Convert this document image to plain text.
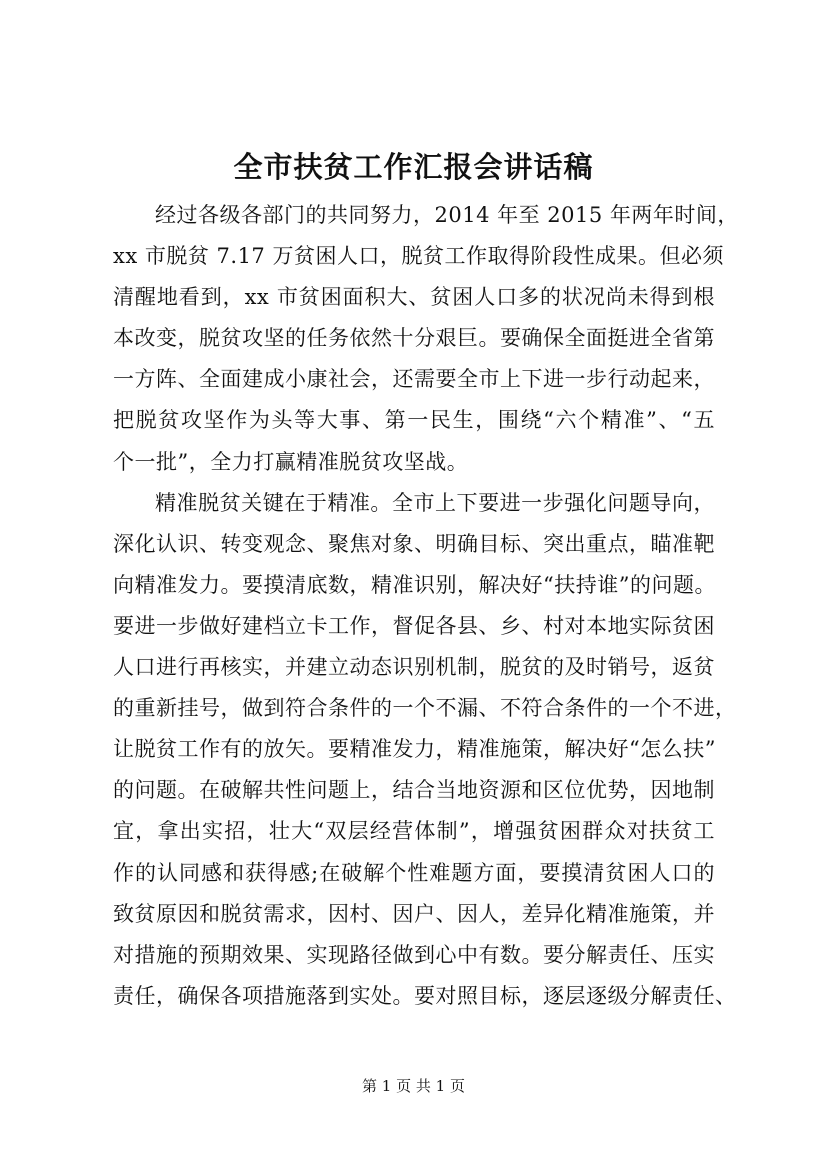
全市扶贫工作汇报会讲话稿
经过各级各部门的共同努力，2014 年至 2015 年两年时间，
xx 市脱贫 7.17 万贫困人口，脱贫工作取得阶段性成果。但必须
清醒地看到，xx 市贫困面积大、贫困人口多的状况尚未得到根
本改变，脱贫攻坚的任务依然十分艰巨。要确保全面挺进全省第
一方阵、全面建成小康社会，还需要全市上下进一步行动起来，
把脱贫攻坚作为头等大事、第一民生，围绕“六个精准”、“五
个一批”，全力打赢精准脱贫攻坚战。
精准脱贫关键在于精准。全市上下要进一步强化问题导向，
深化认识、转变观念、聚焦对象、明确目标、突出重点，瞄准靶
向精准发力。要摸清底数，精准识别，解决好“扶持谁”的问题。
要进一步做好建档立卡工作，督促各县、乡、村对本地实际贫困
人口进行再核实，并建立动态识别机制，脱贫的及时销号，返贫
的重新挂号，做到符合条件的一个不漏、不符合条件的一个不进，
让脱贫工作有的放矢。要精准发力，精准施策，解决好“怎么扶”
的问题。在破解共性问题上，结合当地资源和区位优势，因地制
宜，拿出实招，壮大“双层经营体制”，增强贫困群众对扶贫工
作的认同感和获得感;在破解个性难题方面，要摸清贫困人口的
致贫原因和脱贫需求，因村、因户、因人，差异化精准施策，并
对措施的预期效果、实现路径做到心中有数。要分解责任、压实
责任，确保各项措施落到实处。要对照目标，逐层逐级分解责任、
第 1 页 共 1 页
